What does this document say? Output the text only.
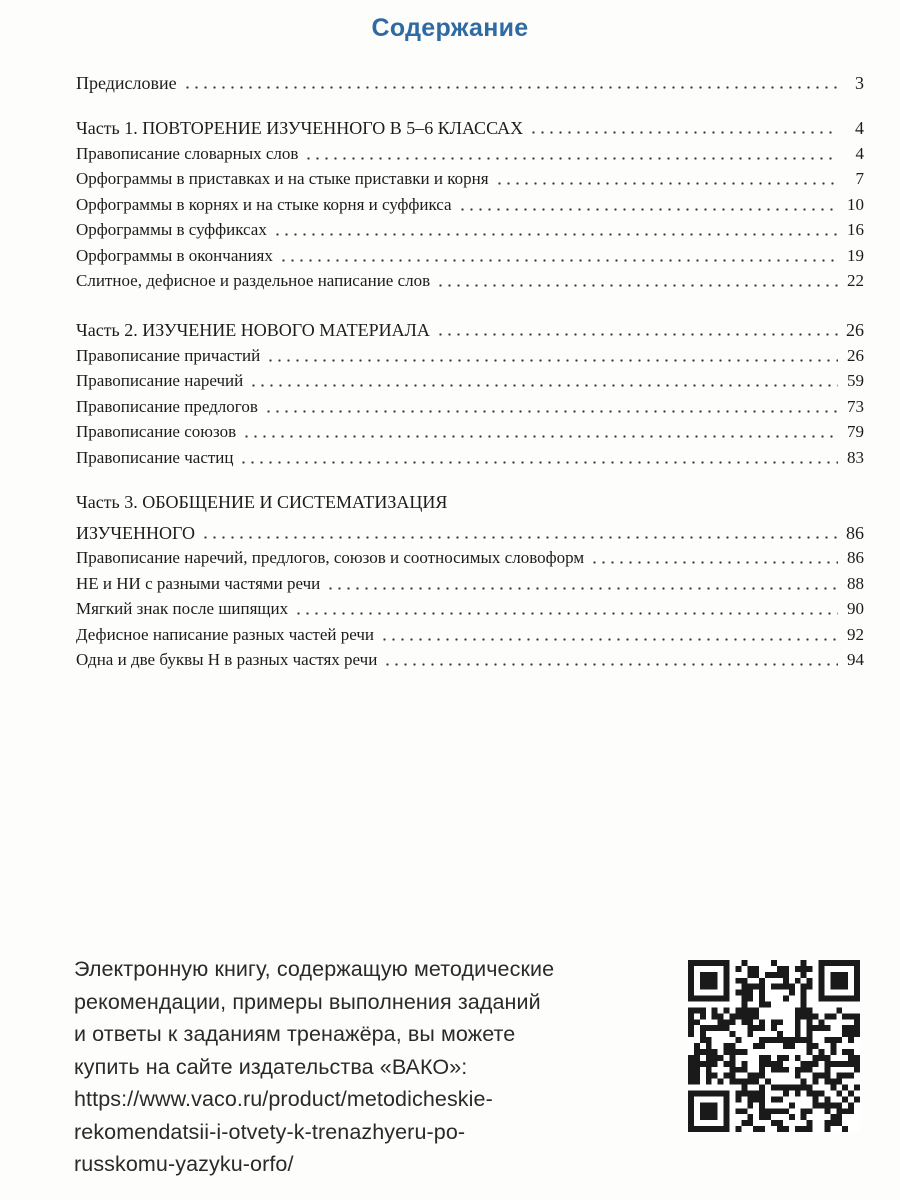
Содержание
Предисловие	3
Часть 1. ПОВТОРЕНИЕ ИЗУЧЕННОГО В 5–6 КЛАССАХ	4
Правописание словарных слов	4
Орфограммы в приставках и на стыке приставки и корня	7
Орфограммы в корнях и на стыке корня и суффикса	10
Орфограммы в суффиксах	16
Орфограммы в окончаниях	19
Слитное, дефисное и раздельное написание слов	22
Часть 2. ИЗУЧЕНИЕ НОВОГО МАТЕРИАЛА	26
Правописание причастий	26
Правописание наречий	59
Правописание предлогов	73
Правописание союзов	79
Правописание частиц	83
Часть 3. ОБОБЩЕНИЕ И СИСТЕМАТИЗАЦИЯ
ИЗУЧЕННОГО	86
Правописание наречий, предлогов, союзов и соотносимых словоформ	86
НЕ и НИ с разными частями речи	88
Мягкий знак после шипящих	90
Дефисное написание разных частей речи	92
Одна и две буквы Н в разных частях речи	94
Электронную книгу, содержащую методические
рекомендации, примеры выполнения заданий
и ответы к заданиям тренажёра, вы можете
купить на сайте издательства «ВАКО»:
https://www.vaco.ru/product/metodicheskie-
rekomendatsii-i-otvety-k-trenazhyeru-po-
russkomu-yazyku-orfo/
